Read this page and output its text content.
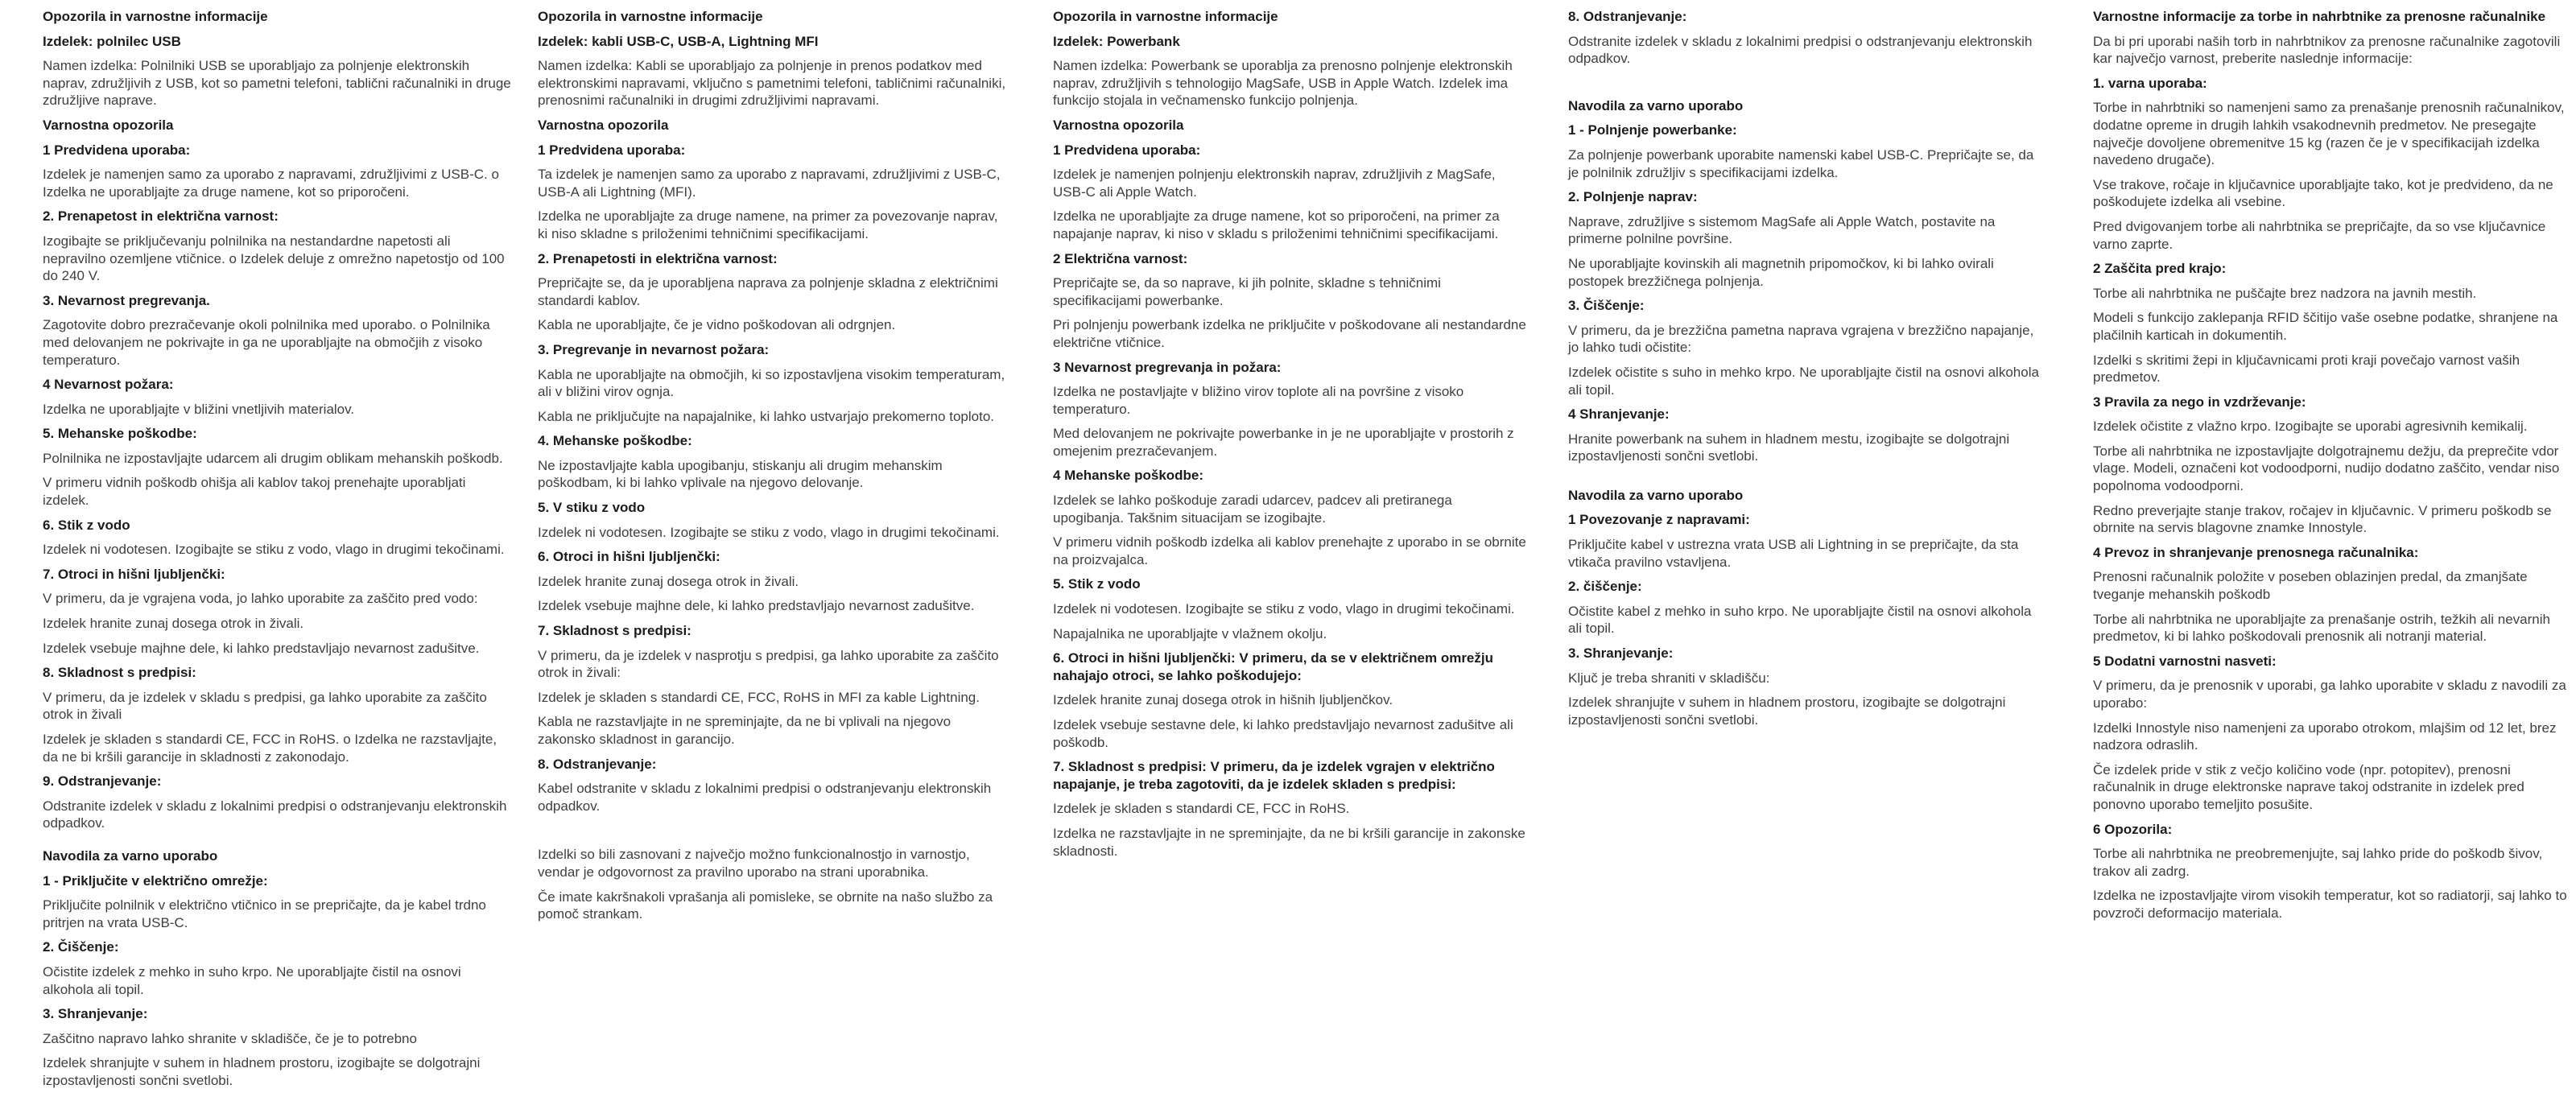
Opozorila in varnostne informacije
Izdelek: polnilec USB
Namen izdelka: Polnilniki USB se uporabljajo za polnjenje elektronskih naprav, združljivih z USB, kot so pametni telefoni, tablični računalniki in druge združljive naprave.
Varnostna opozorila
1 Predvidena uporaba:
Izdelek je namenjen samo za uporabo z napravami, združljivimi z USB-C. o Izdelka ne uporabljajte za druge namene, kot so priporočeni.
2. Prenapetost in električna varnost:
Izogibajte se priključevanju polnilnika na nestandardne napetosti ali nepravilno ozemljene vtičnice. o Izdelek deluje z omrežno napetostjo od 100 do 240 V.
3. Nevarnost pregrevanja.
Zagotovite dobro prezračevanje okoli polnilnika med uporabo. o Polnilnika med delovanjem ne pokrivajte in ga ne uporabljajte na območjih z visoko temperaturo.
4 Nevarnost požara:
Izdelka ne uporabljajte v bližini vnetljivih materialov.
5. Mehanske poškodbe:
Polnilnika ne izpostavljajte udarcem ali drugim oblikam mehanskih poškodb.
V primeru vidnih poškodb ohišja ali kablov takoj prenehajte uporabljati izdelek.
6. Stik z vodo
Izdelek ni vodotesen. Izogibajte se stiku z vodo, vlago in drugimi tekočinami.
7. Otroci in hišni ljubljenčki:
V primeru, da je vgrajena voda, jo lahko uporabite za zaščito pred vodo:
Izdelek hranite zunaj dosega otrok in živali.
Izdelek vsebuje majhne dele, ki lahko predstavljajo nevarnost zadušitve.
8. Skladnost s predpisi:
V primeru, da je izdelek v skladu s predpisi, ga lahko uporabite za zaščito otrok in živali
Izdelek je skladen s standardi CE, FCC in RoHS. o Izdelka ne razstavljajte, da ne bi kršili garancije in skladnosti z zakonodajo.
9. Odstranjevanje:
Odstranite izdelek v skladu z lokalnimi predpisi o odstranjevanju elektronskih odpadkov.
Navodila za varno uporabo
1 - Priključite v električno omrežje:
Priključite polnilnik v električno vtičnico in se prepričajte, da je kabel trdno pritrjen na vrata USB-C.
2. Čiščenje:
Očistite izdelek z mehko in suho krpo. Ne uporabljajte čistil na osnovi alkohola ali topil.
3. Shranjevanje:
Zaščitno napravo lahko shranite v skladišče, če je to potrebno
Izdelek shranjujte v suhem in hladnem prostoru, izogibajte se dolgotrajni izpostavljenosti sončni svetlobi.
Opozorila in varnostne informacije
Izdelek: kabli USB-C, USB-A, Lightning MFI
Namen izdelka: Kabli se uporabljajo za polnjenje in prenos podatkov med elektronskimi napravami, vključno s pametnimi telefoni, tabličnimi računalniki, prenosnimi računalniki in drugimi združljivimi napravami.
Varnostna opozorila
1 Predvidena uporaba:
Ta izdelek je namenjen samo za uporabo z napravami, združljivimi z USB-C, USB-A ali Lightning (MFI).
Izdelka ne uporabljajte za druge namene, na primer za povezovanje naprav, ki niso skladne s priloženimi tehničnimi specifikacijami.
2. Prenapetosti in električna varnost:
Prepričajte se, da je uporabljena naprava za polnjenje skladna z električnimi standardi kablov.
Kabla ne uporabljajte, če je vidno poškodovan ali odrgnjen.
3. Pregrevanje in nevarnost požara:
Kabla ne uporabljajte na območjih, ki so izpostavljena visokim temperaturam, ali v bližini virov ognja.
Kabla ne priključujte na napajalnike, ki lahko ustvarjajo prekomerno toploto.
4. Mehanske poškodbe:
Ne izpostavljajte kabla upogibanju, stiskanju ali drugim mehanskim poškodbam, ki bi lahko vplivale na njegovo delovanje.
5. V stiku z vodo
Izdelek ni vodotesen. Izogibajte se stiku z vodo, vlago in drugimi tekočinami.
6. Otroci in hišni ljubljenčki:
Izdelek hranite zunaj dosega otrok in živali.
Izdelek vsebuje majhne dele, ki lahko predstavljajo nevarnost zadušitve.
7. Skladnost s predpisi:
V primeru, da je izdelek v nasprotju s predpisi, ga lahko uporabite za zaščito otrok in živali:
Izdelek je skladen s standardi CE, FCC, RoHS in MFI za kable Lightning.
Kabla ne razstavljajte in ne spreminjajte, da ne bi vplivali na njegovo zakonsko skladnost in garancijo.
8. Odstranjevanje:
Kabel odstranite v skladu z lokalnimi predpisi o odstranjevanju elektronskih odpadkov.
Izdelki so bili zasnovani z največjo možno funkcionalnostjo in varnostjo, vendar je odgovornost za pravilno uporabo na strani uporabnika.
Če imate kakršnakoli vprašanja ali pomisleke, se obrnite na našo službo za pomoč strankam.
Opozorila in varnostne informacije
Izdelek: Powerbank
Namen izdelka: Powerbank se uporablja za prenosno polnjenje elektronskih naprav, združljivih s tehnologijo MagSafe, USB in Apple Watch. Izdelek ima funkcijo stojala in večnamensko funkcijo polnjenja.
Varnostna opozorila
1 Predvidena uporaba:
Izdelek je namenjen polnjenju elektronskih naprav, združljivih z MagSafe, USB-C ali Apple Watch.
Izdelka ne uporabljajte za druge namene, kot so priporočeni, na primer za napajanje naprav, ki niso v skladu s priloženimi tehničnimi specifikacijami.
2 Električna varnost:
Prepričajte se, da so naprave, ki jih polnite, skladne s tehničnimi specifikacijami powerbanke.
Pri polnjenju powerbank izdelka ne priključite v poškodovane ali nestandardne električne vtičnice.
3 Nevarnost pregrevanja in požara:
Izdelka ne postavljajte v bližino virov toplote ali na površine z visoko temperaturo.
Med delovanjem ne pokrivajte powerbanke in je ne uporabljajte v prostorih z omejenim prezračevanjem.
4 Mehanske poškodbe:
Izdelek se lahko poškoduje zaradi udarcev, padcev ali pretiranega upogibanja. Takšnim situacijam se izogibajte.
V primeru vidnih poškodb izdelka ali kablov prenehajte z uporabo in se obrnite na proizvajalca.
5. Stik z vodo
Izdelek ni vodotesen. Izogibajte se stiku z vodo, vlago in drugimi tekočinami.
Napajalnika ne uporabljajte v vlažnem okolju.
6. Otroci in hišni ljubljenčki: V primeru, da se v električnem omrežju nahajajo otroci, se lahko poškodujejo:
Izdelek hranite zunaj dosega otrok in hišnih ljubljenčkov.
Izdelek vsebuje sestavne dele, ki lahko predstavljajo nevarnost zadušitve ali poškodb.
7. Skladnost s predpisi: V primeru, da je izdelek vgrajen v električno napajanje, je treba zagotoviti, da je izdelek skladen s predpisi:
Izdelek je skladen s standardi CE, FCC in RoHS.
Izdelka ne razstavljajte in ne spreminjajte, da ne bi kršili garancije in zakonske skladnosti.
8. Odstranjevanje:
Odstranite izdelek v skladu z lokalnimi predpisi o odstranjevanju elektronskih odpadkov.
Navodila za varno uporabo
1 - Polnjenje powerbanke:
Za polnjenje powerbank uporabite namenski kabel USB-C. Prepričajte se, da je polnilnik združljiv s specifikacijami izdelka.
2. Polnjenje naprav:
Naprave, združljive s sistemom MagSafe ali Apple Watch, postavite na primerne polnilne površine.
Ne uporabljajte kovinskih ali magnetnih pripomočkov, ki bi lahko ovirali postopek brezžičnega polnjenja.
3. Čiščenje:
V primeru, da je brezžična pametna naprava vgrajena v brezžično napajanje, jo lahko tudi očistite:
Izdelek očistite s suho in mehko krpo. Ne uporabljajte čistil na osnovi alkohola ali topil.
4 Shranjevanje:
Hranite powerbank na suhem in hladnem mestu, izogibajte se dolgotrajni izpostavljenosti sončni svetlobi.
Navodila za varno uporabo
1 Povezovanje z napravami:
Priključite kabel v ustrezna vrata USB ali Lightning in se prepričajte, da sta vtikača pravilno vstavljena.
2. čiščenje:
Očistite kabel z mehko in suho krpo. Ne uporabljajte čistil na osnovi alkohola ali topil.
3. Shranjevanje:
Ključ je treba shraniti v skladišču:
Izdelek shranjujte v suhem in hladnem prostoru, izogibajte se dolgotrajni izpostavljenosti sončni svetlobi.
Varnostne informacije za torbe in nahrbtnike za prenosne računalnike
Da bi pri uporabi naših torb in nahrbtnikov za prenosne računalnike zagotovili kar največjo varnost, preberite naslednje informacije:
1. varna uporaba:
Torbe in nahrbtniki so namenjeni samo za prenašanje prenosnih računalnikov, dodatne opreme in drugih lahkih vsakodnevnih predmetov. Ne presegajte največje dovoljene obremenitve 15 kg (razen če je v specifikacijah izdelka navedeno drugače).
Vse trakove, ročaje in ključavnice uporabljajte tako, kot je predvideno, da ne poškodujete izdelka ali vsebine.
Pred dvigovanjem torbe ali nahrbtnika se prepričajte, da so vse ključavnice varno zaprte.
2 Zaščita pred krajo:
Torbe ali nahrbtnika ne puščajte brez nadzora na javnih mestih.
Modeli s funkcijo zaklepanja RFID ščitijo vaše osebne podatke, shranjene na plačilnih karticah in dokumentih.
Izdelki s skritimi žepi in ključavnicami proti kraji povečajo varnost vaših predmetov.
3 Pravila za nego in vzdrževanje:
Izdelek očistite z vlažno krpo. Izogibajte se uporabi agresivnih kemikalij.
Torbe ali nahrbtnika ne izpostavljajte dolgotrajnemu dežju, da preprečite vdor vlage. Modeli, označeni kot vodoodporni, nudijo dodatno zaščito, vendar niso popolnoma vodoodporni.
Redno preverjajte stanje trakov, ročajev in ključavnic. V primeru poškodb se obrnite na servis blagovne znamke Innostyle.
4 Prevoz in shranjevanje prenosnega računalnika:
Prenosni računalnik položite v poseben oblazinjen predal, da zmanjšate tveganje mehanskih poškodb
Torbe ali nahrbtnika ne uporabljajte za prenašanje ostrih, težkih ali nevarnih predmetov, ki bi lahko poškodovali prenosnik ali notranji material.
5 Dodatni varnostni nasveti:
V primeru, da je prenosnik v uporabi, ga lahko uporabite v skladu z navodili za uporabo:
Izdelki Innostyle niso namenjeni za uporabo otrokom, mlajšim od 12 let, brez nadzora odraslih.
Če izdelek pride v stik z večjo količino vode (npr. potopitev), prenosni računalnik in druge elektronske naprave takoj odstranite in izdelek pred ponovno uporabo temeljito posušite.
6 Opozorila:
Torbe ali nahrbtnika ne preobremenjujte, saj lahko pride do poškodb šivov, trakov ali zadrg.
Izdelka ne izpostavljajte virom visokih temperatur, kot so radiatorji, saj lahko to povzroči deformacijo materiala.
